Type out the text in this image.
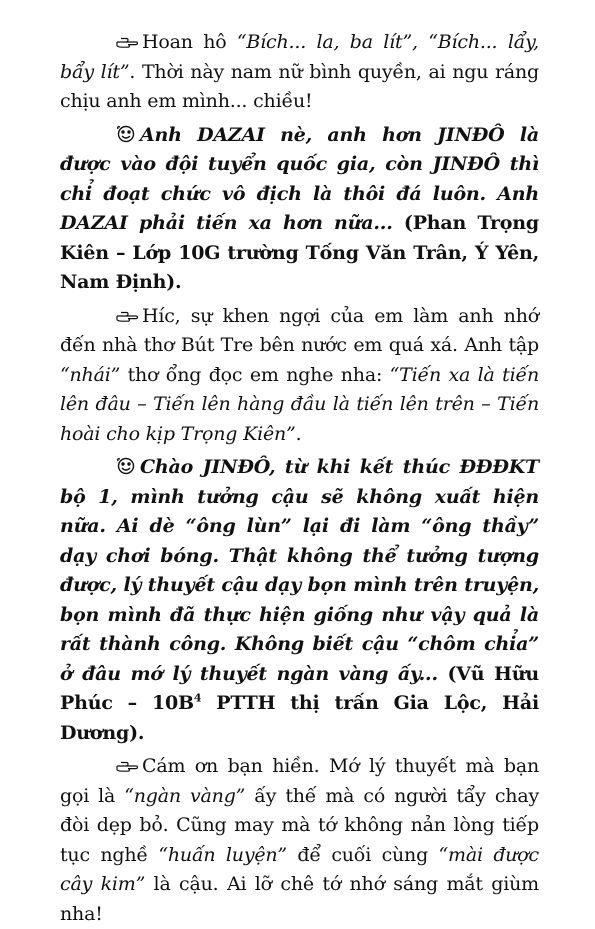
Hoan hô “Bích... la, ba lít”, “Bích... lẩy, bẩy lít”. Thời này nam nữ bình quyền, ai ngu ráng chịu anh em mình... chiều!

Anh DAZAI nè, anh hơn JINĐÔ là được vào đội tuyển quốc gia, còn JINĐÔ thì chỉ đoạt chức vô địch là thôi đá luôn. Anh DAZAI phải tiến xa hơn nữa... (Phan Trọng Kiên – Lớp 10G trường Tống Văn Trân, Ý Yên, Nam Định).

Híc, sự khen ngợi của em làm anh nhớ đến nhà thơ Bút Tre bên nước em quá xá. Anh tập “nhái” thơ ổng đọc em nghe nha: “Tiến xa là tiến lên đâu – Tiến lên hàng đầu là tiến lên trên – Tiến hoài cho kịp Trọng Kiên”.

Chào JINĐÔ, từ khi kết thúc ĐĐĐKT bộ 1, mình tưởng cậu sẽ không xuất hiện nữa. Ai dè “ông lùn” lại đi làm “ông thầy” dạy chơi bóng. Thật không thể tưởng tượng được, lý thuyết cậu dạy bọn mình trên truyện, bọn mình đã thực hiện giống như vậy quả là rất thành công. Không biết cậu “chôm chỉa” ở đâu mớ lý thuyết ngàn vàng ấy... (Vũ Hữu Phúc – $10B^4$ PTTH thị trấn Gia Lộc, Hải Dương).

Cám ơn bạn hiền. Mớ lý thuyết mà bạn gọi là “ngàn vàng” ấy thế mà có người tẩy chay đòi dẹp bỏ. Cũng may mà tớ không nản lòng tiếp tục nghề “huấn luyện” để cuối cùng “mài được cây kim” là cậu. Ai lỡ chê tớ nhớ sáng mắt giùm nha!
